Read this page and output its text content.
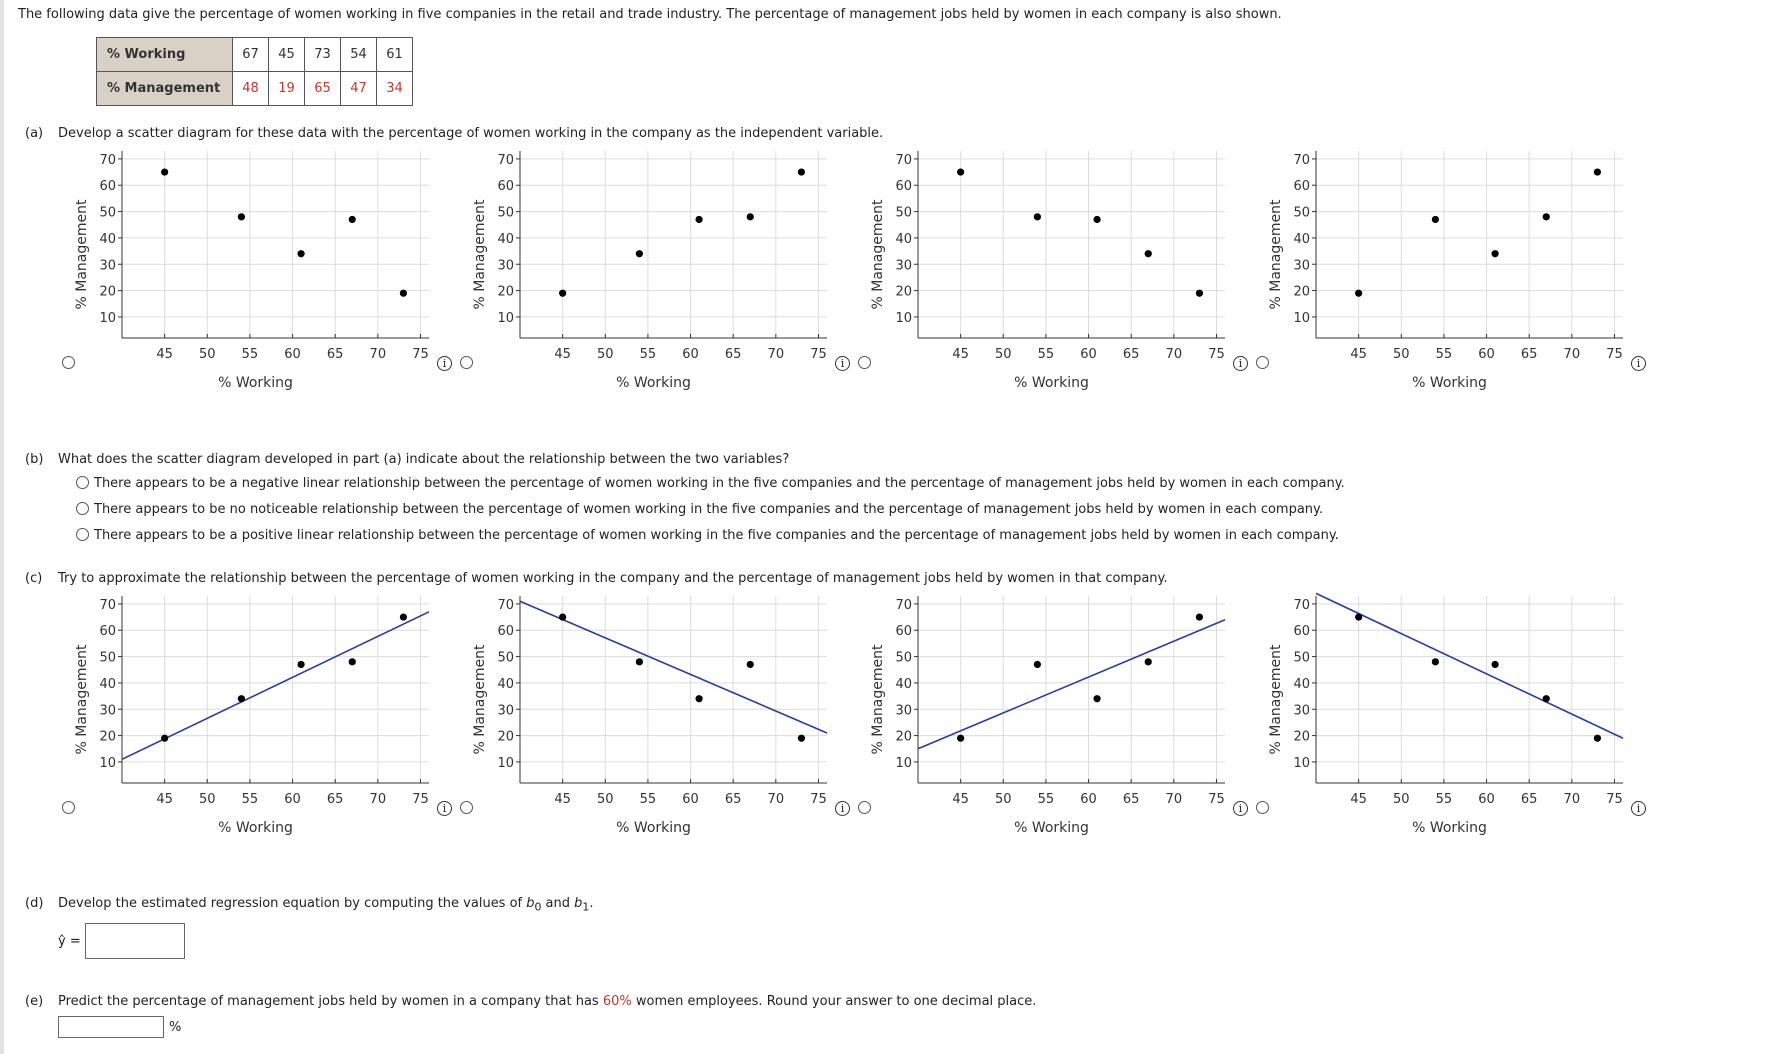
The following data give the percentage of women working in five companies in the retail and trade industry. The percentage of management jobs held by women in each company is also shown.
% Working	67	45	73	54	61
% Management	48	19	65	47	34
(a) Develop a scatter diagram for these data with the percentage of women working in the company as the independent variable.
45 50 55 60 65 70 75
10
20
30
40
50
60
70
% Working
% Management
i
45 50 55 60 65 70 75
10
20
30
40
50
60
70
% Working
% Management
i
45 50 55 60 65 70 75
10
20
30
40
50
60
70
% Working
% Management
i
45 50 55 60 65 70 75
10
20
30
40
50
60
70
% Working
% Management
i
45 50 55 60 65 70 75
10
20
30
40
50
60
70
% Working
% Management
i
45 50 55 60 65 70 75
10
20
30
40
50
60
70
% Working
% Management
i
45 50 55 60 65 70 75
10
20
30
40
50
60
70
% Working
% Management
i
45 50 55 60 65 70 75
10
20
30
40
50
60
70
% Working
% Management
i
(b) What does the scatter diagram developed in part (a) indicate about the relationship between the two variables?
There appears to be a negative linear relationship between the percentage of women working in the five companies and the percentage of management jobs held by women in each company.
There appears to be no noticeable relationship between the percentage of women working in the five companies and the percentage of management jobs held by women in each company.
There appears to be a positive linear relationship between the percentage of women working in the five companies and the percentage of management jobs held by women in each company.
(c) Try to approximate the relationship between the percentage of women working in the company and the percentage of management jobs held by women in that company.
(d) Develop the estimated regression equation by computing the values of $b_0$ and $b_1$.
ŷ =
(e) Predict the percentage of management jobs held by women in a company that has 60% women employees. Round your answer to one decimal place.
%
